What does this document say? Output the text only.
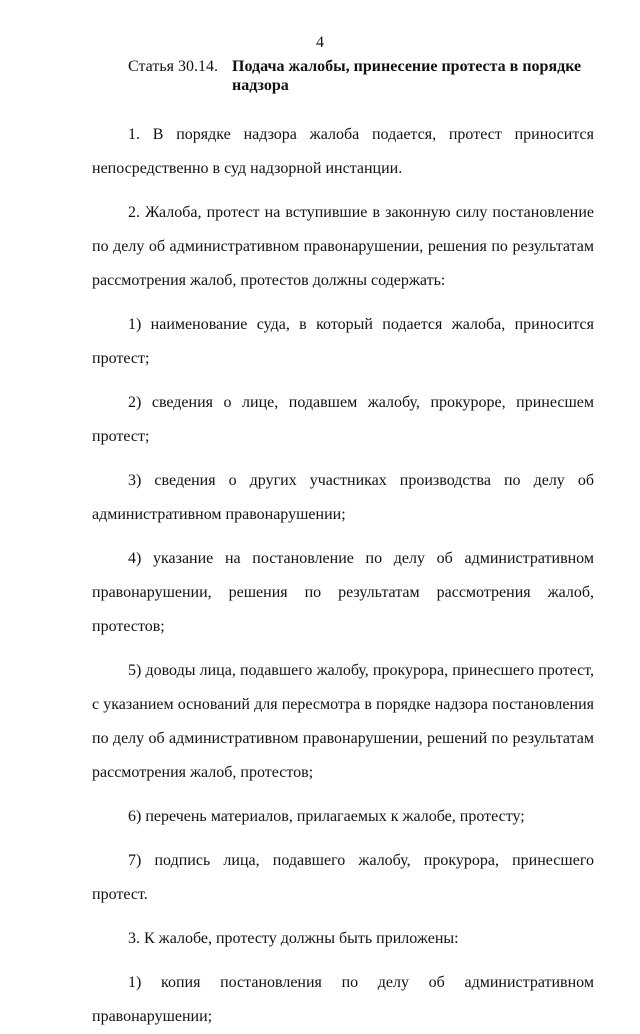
4
Статья 30.14. Подача жалобы, принесение протеста в порядке надзора

1. В порядке надзора жалоба подается, протест приносится непосредственно в суд надзорной инстанции.

2. Жалоба, протест на вступившие в законную силу постановление по делу об административном правонарушении, решения по результатам рассмотрения жалоб, протестов должны содержать:

1) наименование суда, в который подается жалоба, приносится протест;

2) сведения о лице, подавшем жалобу, прокуроре, принесшем протест;

3) сведения о других участниках производства по делу об административном правонарушении;

4) указание на постановление по делу об административном правонарушении, решения по результатам рассмотрения жалоб, протестов;

5) доводы лица, подавшего жалобу, прокурора, принесшего протест, с указанием оснований для пересмотра в порядке надзора постановления по делу об административном правонарушении, решений по результатам рассмотрения жалоб, протестов;

6) перечень материалов, прилагаемых к жалобе, протесту;

7) подпись лица, подавшего жалобу, прокурора, принесшего протест.

3. К жалобе, протесту должны быть приложены:

1) копия постановления по делу об административном правонарушении;
